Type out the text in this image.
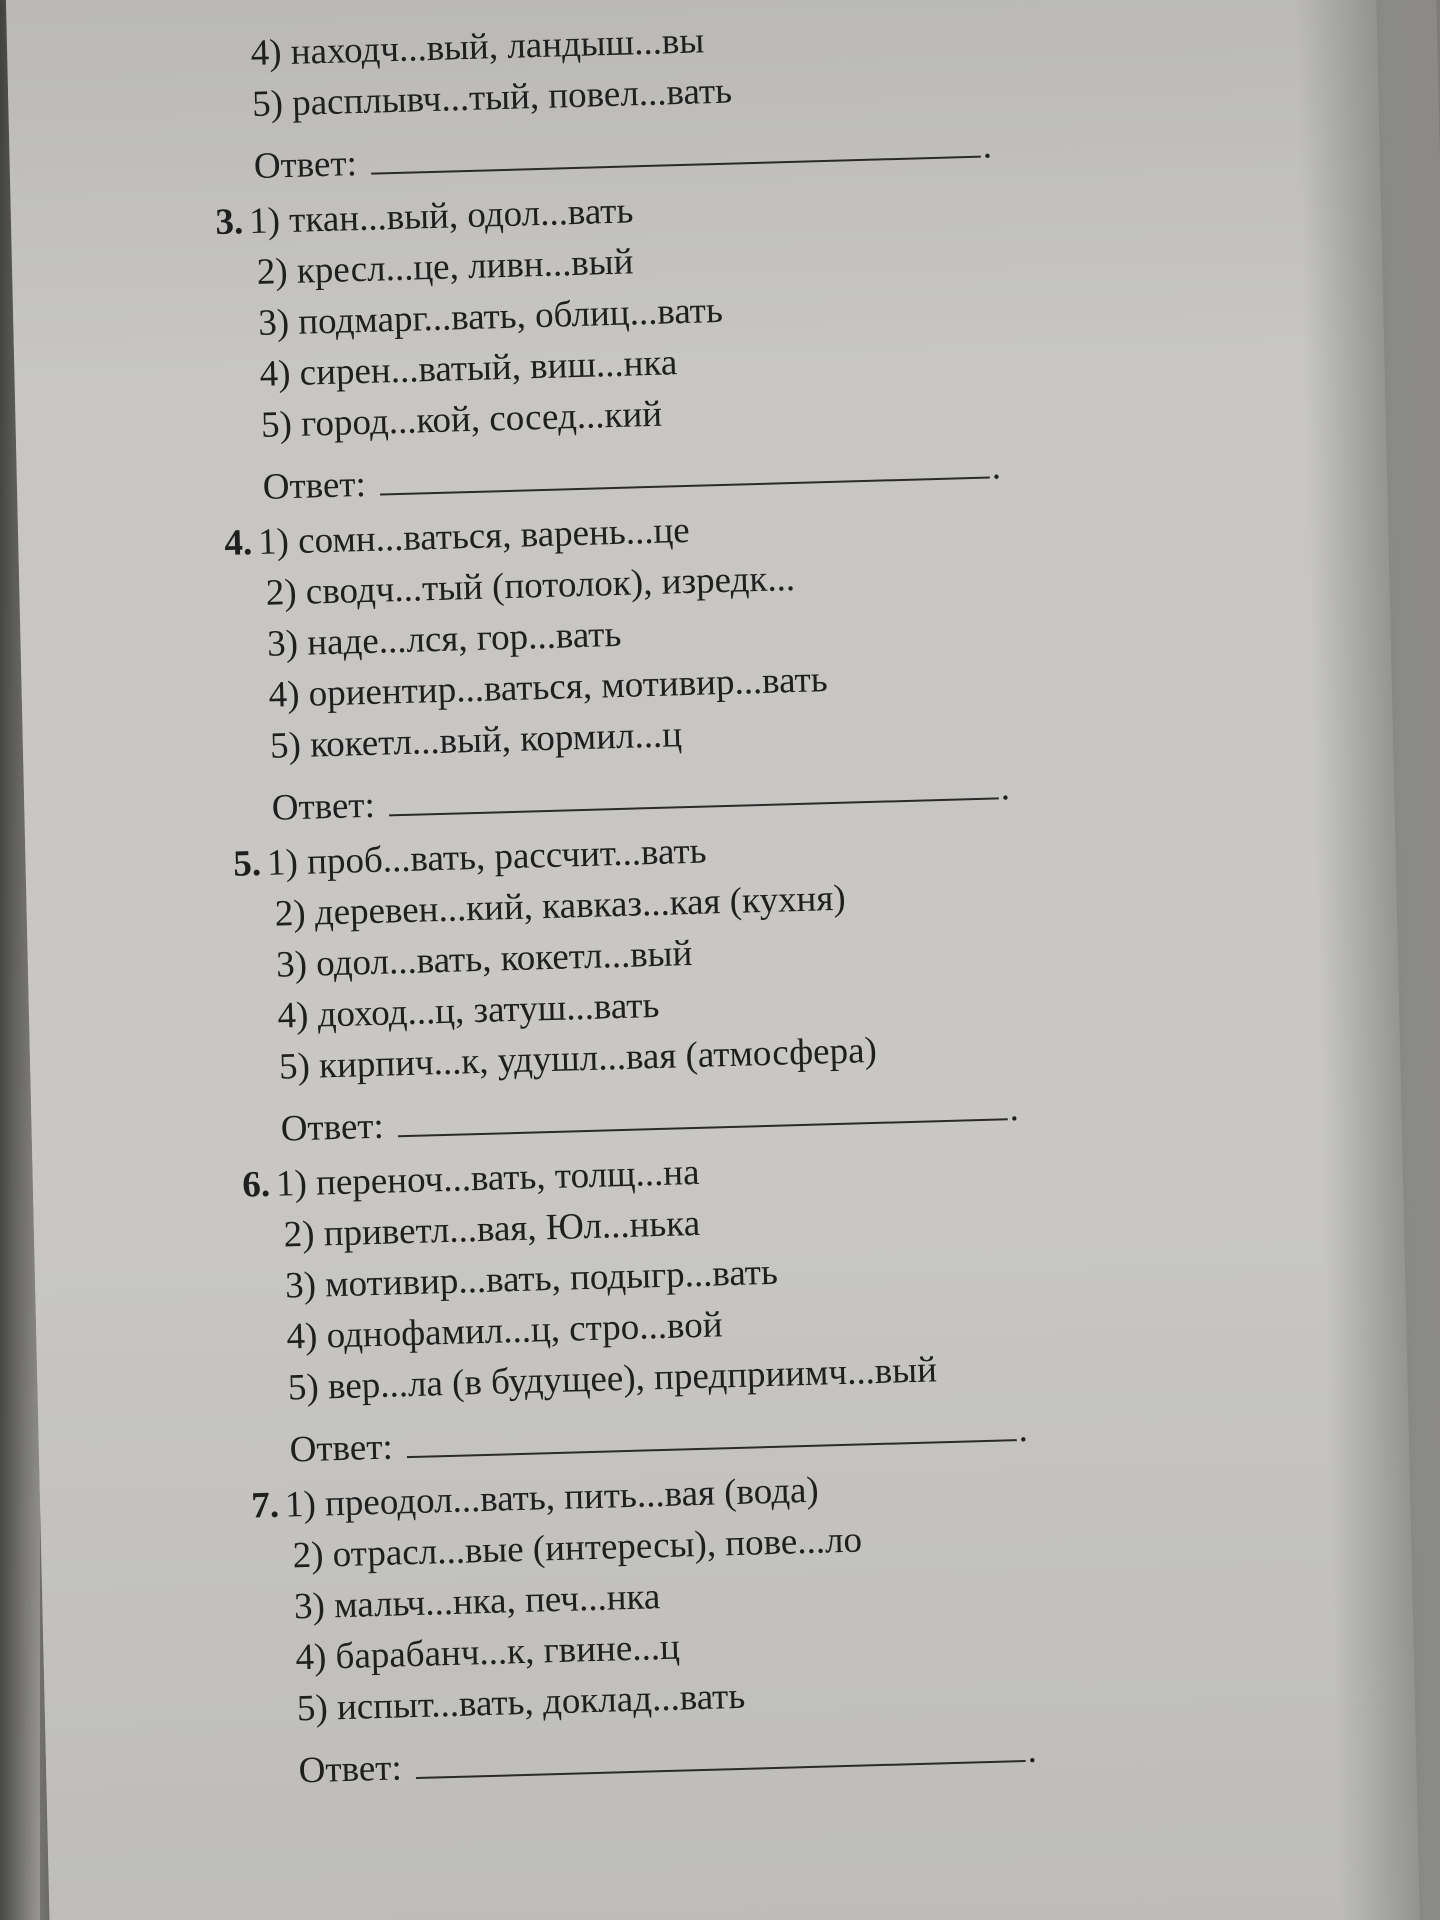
4) находч...вый, ландыш...вы
5) расплывч...тый, повел...вать
Ответ:	.
3. 1) ткан...вый, одол...вать
2) кресл...це, ливн...вый
3) подмарг...вать, облиц...вать
4) сирен...ватый, виш...нка
5) город...кой, сосед...кий
Ответ:	.
4. 1) сомн...ваться, варень...це
2) сводч...тый (потолок), изредк...
3) наде...лся, гор...вать
4) ориентир...ваться, мотивир...вать
5) кокетл...вый, кормил...ц
Ответ:	.
5. 1) проб...вать, рассчит...вать
2) деревен...кий, кавказ...кая (кухня)
3) одол...вать, кокетл...вый
4) доход...ц, затуш...вать
5) кирпич...к, удушл...вая (атмосфера)
Ответ:	.
6. 1) переноч...вать, толщ...на
2) приветл...вая, Юл...нька
3) мотивир...вать, подыгр...вать
4) однофамил...ц, стро...вой
5) вер...ла (в будущее), предприимч...вый
Ответ:	.
7. 1) преодол...вать, пить...вая (вода)
2) отрасл...вые (интересы), пове...ло
3) мальч...нка, печ...нка
4) барабанч...к, гвине...ц
5) испыт...вать, доклад...вать
Ответ:	.
